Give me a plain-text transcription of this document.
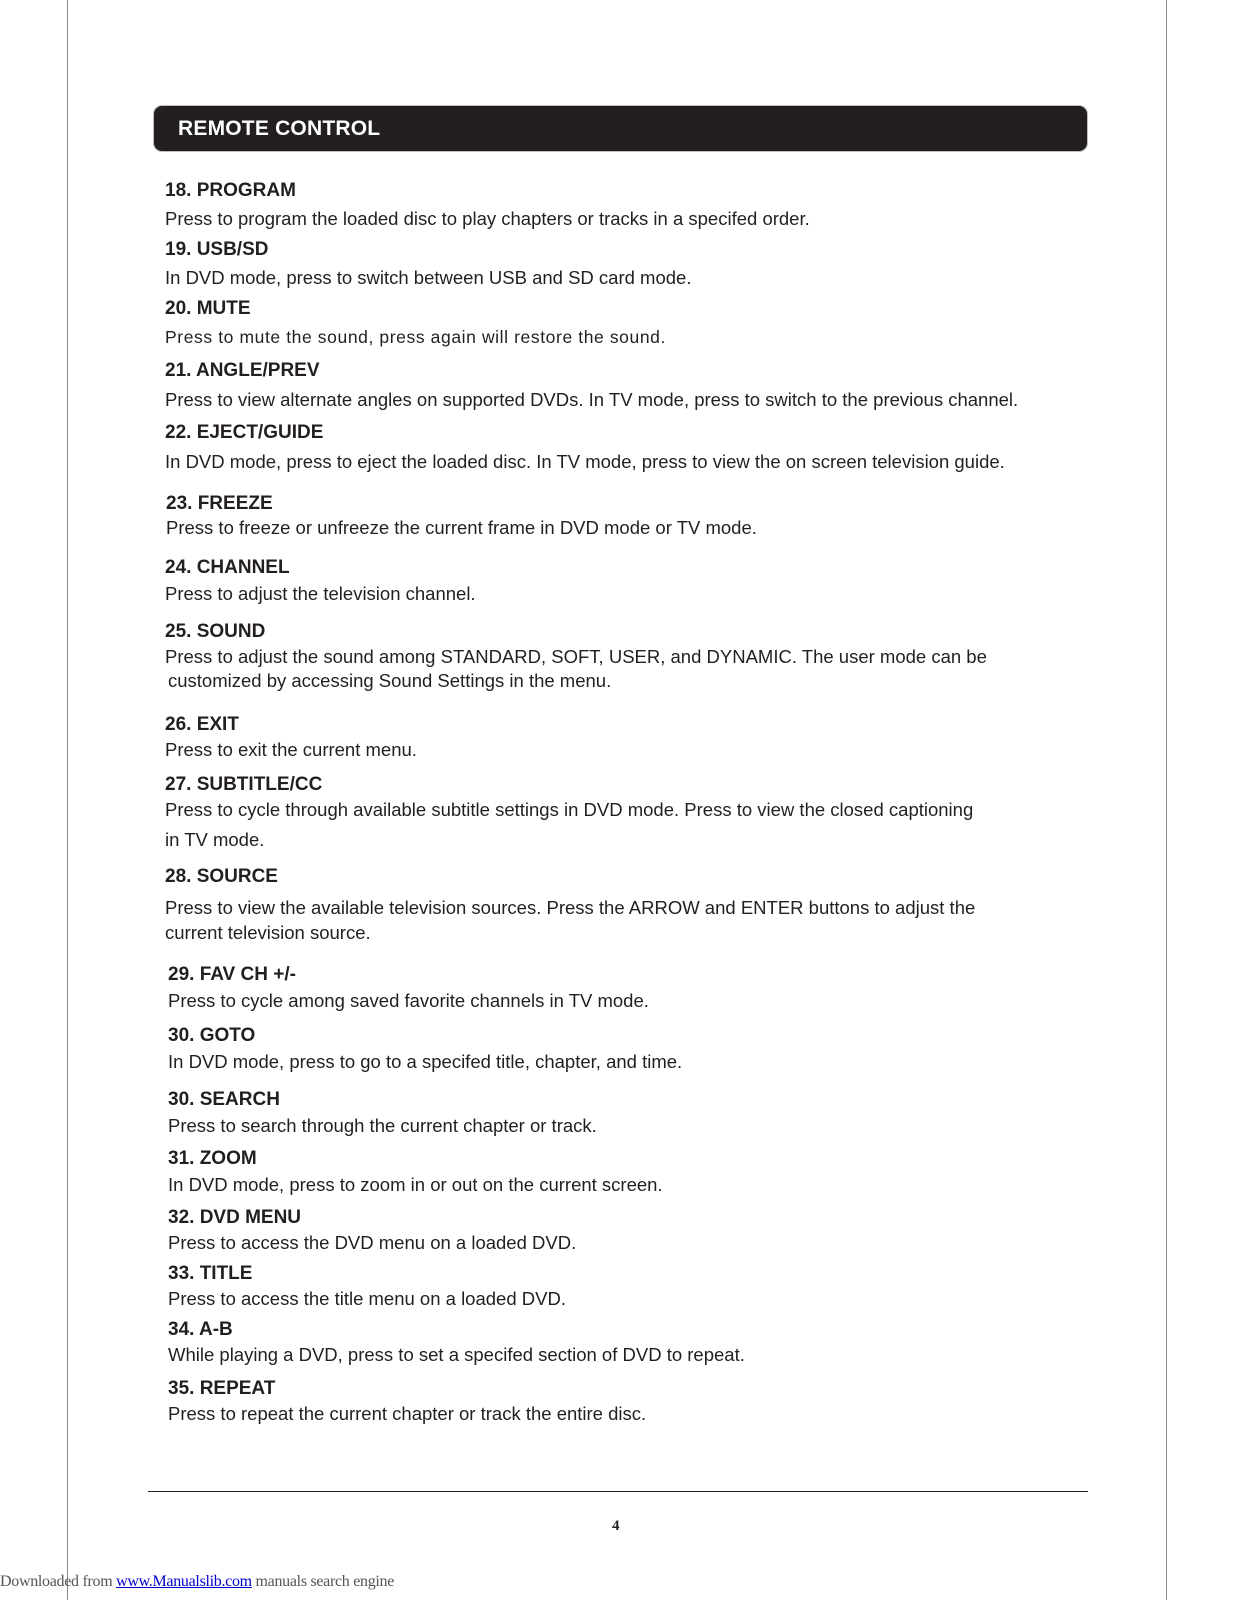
REMOTE CONTROL
18. PROGRAM
Press to program the loaded disc to play chapters or tracks in a specifed order.
19. USB/SD
In DVD mode, press to switch between USB and SD card mode.
20. MUTE
Press to mute the sound, press again will restore the sound.
21. ANGLE/PREV
Press to view alternate angles on supported DVDs. In TV mode, press to switch to the previous channel.
22. EJECT/GUIDE
In DVD mode, press to eject the loaded disc. In TV mode, press to view the on screen television guide.
23. FREEZE
Press to freeze or unfreeze the current frame in DVD mode or TV mode.
24. CHANNEL
Press to adjust the television channel.
25. SOUND
Press to adjust the sound among STANDARD, SOFT, USER, and DYNAMIC. The user mode can be
customized by accessing Sound Settings in the menu.
26. EXIT
Press to exit the current menu.
27. SUBTITLE/CC
Press to cycle through available subtitle settings in DVD mode. Press to view the closed captioning
in TV mode.
28. SOURCE
Press to view the available television sources. Press the ARROW and ENTER buttons to adjust the
current television source.
29. FAV CH +/-
Press to cycle among saved favorite channels in TV mode.
30. GOTO
In DVD mode, press to go to a specifed title, chapter, and time.
30. SEARCH
Press to search through the current chapter or track.
31. ZOOM
In DVD mode, press to zoom in or out on the current screen.
32. DVD MENU
Press to access the DVD menu on a loaded DVD.
33. TITLE
Press to access the title menu on a loaded DVD.
34. A-B
While playing a DVD, press to set a specifed section of DVD to repeat.
35. REPEAT
Press to repeat the current chapter or track the entire disc.
4
Downloaded from www.Manualslib.com manuals search engine
